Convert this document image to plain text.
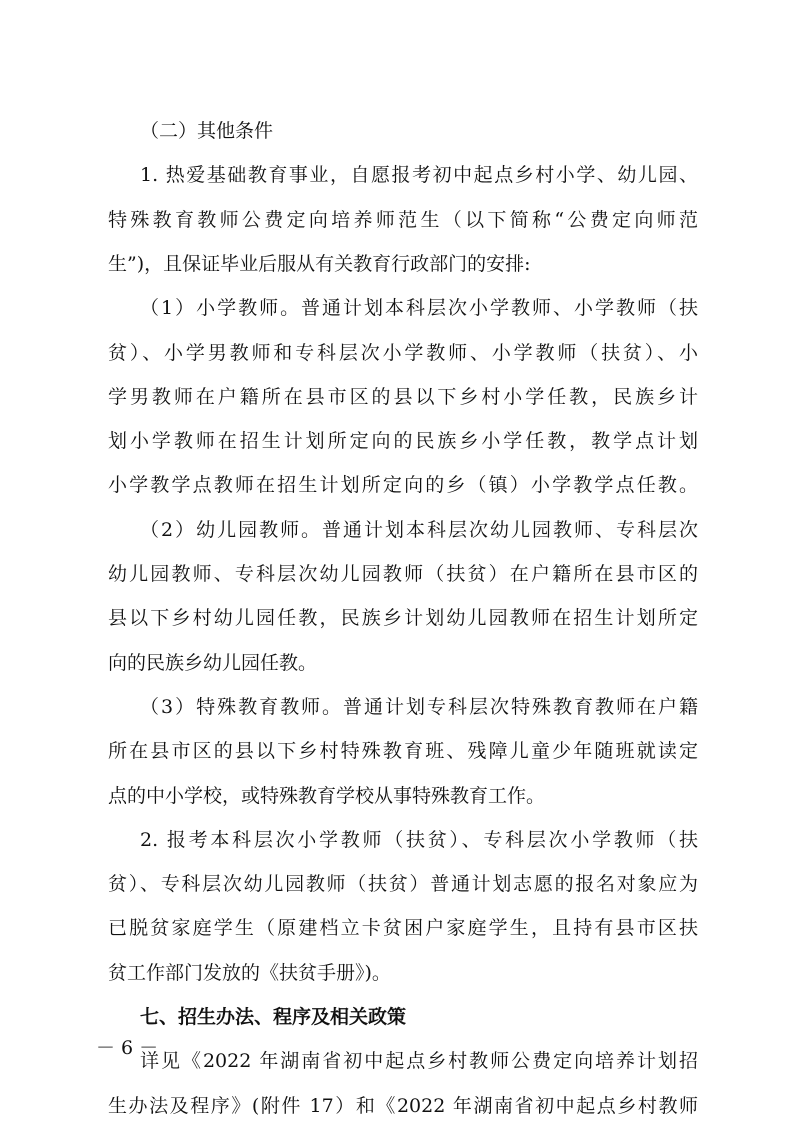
（二）其他条件
1. 热爱基础教育事业，自愿报考初中起点乡村小学、幼儿园、
特殊教育教师公费定向培养师范生（以下简称“公费定向师范
生”)，且保证毕业后服从有关教育行政部门的安排:
（1）小学教师。普通计划本科层次小学教师、小学教师（扶
贫）、小学男教师和专科层次小学教师、小学教师（扶贫）、小
学男教师在户籍所在县市区的县以下乡村小学任教，民族乡计
划小学教师在招生计划所定向的民族乡小学任教，教学点计划
小学教学点教师在招生计划所定向的乡（镇）小学教学点任教。
（2）幼儿园教师。普通计划本科层次幼儿园教师、专科层次
幼儿园教师、专科层次幼儿园教师（扶贫）在户籍所在县市区的
县以下乡村幼儿园任教，民族乡计划幼儿园教师在招生计划所定
向的民族乡幼儿园任教。
（3）特殊教育教师。普通计划专科层次特殊教育教师在户籍
所在县市区的县以下乡村特殊教育班、残障儿童少年随班就读定
点的中小学校，或特殊教育学校从事特殊教育工作。
2. 报考本科层次小学教师（扶贫）、专科层次小学教师（扶
贫）、专科层次幼儿园教师（扶贫）普通计划志愿的报名对象应为
已脱贫家庭学生（原建档立卡贫困户家庭学生，且持有县市区扶
贫工作部门发放的《扶贫手册》)。
七、招生办法、程序及相关政策
详见《2022 年湖南省初中起点乡村教师公费定向培养计划招
生办法及程序》(附件 17）和《2022 年湖南省初中起点乡村教师
－ 6 －
